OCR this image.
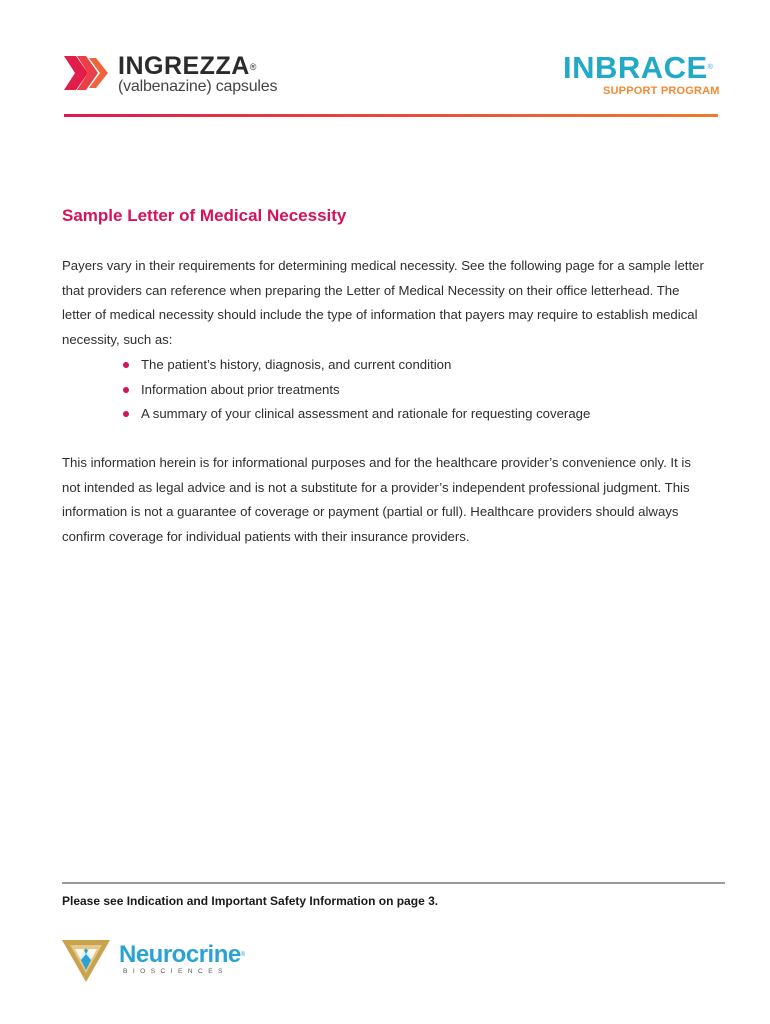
INGREZZA®
(valbenazine) capsules
INBRACE®
SUPPORT PROGRAM
Sample Letter of Medical Necessity

Payers vary in their requirements for determining medical necessity. See the following page for a sample letter that providers can reference when preparing the Letter of Medical Necessity on their office letterhead. The letter of medical necessity should include the type of information that payers may require to establish medical necessity, such as:

The patient’s history, diagnosis, and current condition
Information about prior treatments
A summary of your clinical assessment and rationale for requesting coverage

This information herein is for informational purposes and for the healthcare provider’s convenience only. It is not intended as legal advice and is not a substitute for a provider’s independent professional judgment. This information is not a guarantee of coverage or payment (partial or full). Healthcare providers should always confirm coverage for individual patients with their insurance providers.

Please see Indication and Important Safety Information on page 3.
Neurocrine®
BIOSCIENCES
